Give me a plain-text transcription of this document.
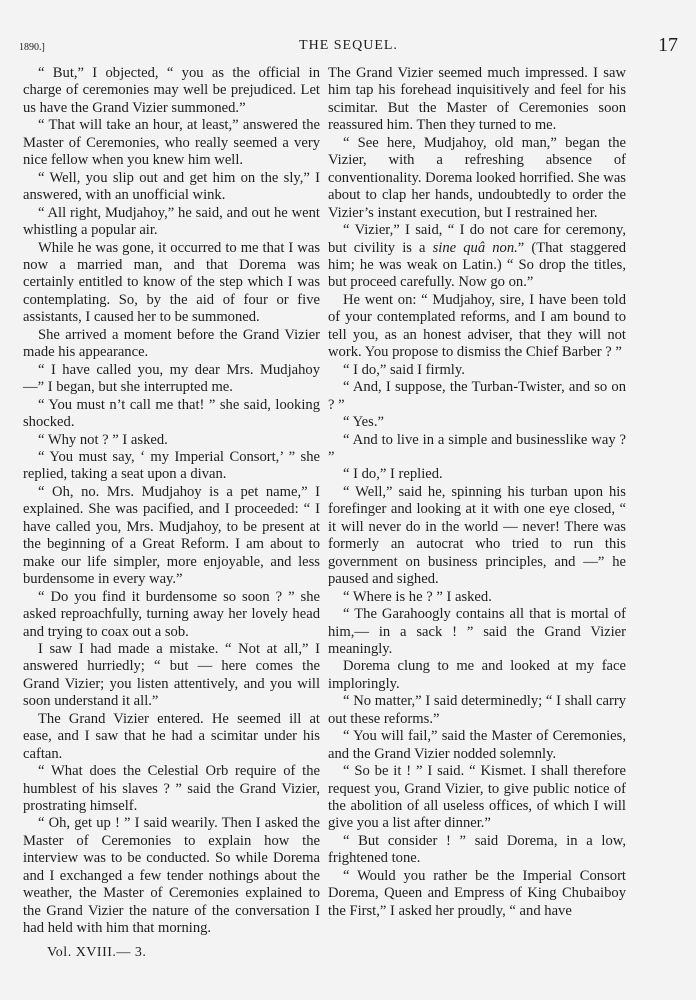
1890.]	THE SEQUEL.	17

“ But,” I objected, “ you as the official in charge of ceremonies may well be prejudiced. Let us have the Grand Vizier summoned.”

“ That will take an hour, at least,” answered the Master of Ceremonies, who really seemed a very nice fellow when you knew him well.

“ Well, you slip out and get him on the sly,” I answered, with an unofficial wink.

“ All right, Mudjahoy,” he said, and out he went whistling a popular air.

While he was gone, it occurred to me that I was now a married man, and that Dorema was certainly entitled to know of the step which I was contemplating. So, by the aid of four or five assistants, I caused her to be summoned.

She arrived a moment before the Grand Vizier made his appearance.

“ I have called you, my dear Mrs. Mudjahoy —” I began, but she interrupted me.

“ You must n’t call me that! ” she said, looking shocked.

“ Why not ? ” I asked.

“ You must say, ‘ my Imperial Consort,’ ” she replied, taking a seat upon a divan.

“ Oh, no. Mrs. Mudjahoy is a pet name,” I explained. She was pacified, and I proceeded: “ I have called you, Mrs. Mudjahoy, to be present at the beginning of a Great Reform. I am about to make our life simpler, more enjoyable, and less burdensome in every way.”

“ Do you find it burdensome so soon ? ” she asked reproachfully, turning away her lovely head and trying to coax out a sob.

I saw I had made a mistake. “ Not at all,” I answered hurriedly; “ but — here comes the Grand Vizier; you listen attentively, and you will soon understand it all.”

The Grand Vizier entered. He seemed ill at ease, and I saw that he had a scimitar under his caftan.

“ What does the Celestial Orb require of the humblest of his slaves ? ” said the Grand Vizier, prostrating himself.

“ Oh, get up ! ” I said wearily. Then I asked the Master of Ceremonies to explain how the interview was to be conducted. So while Dorema and I exchanged a few tender nothings about the weather, the Master of Ceremonies explained to the Grand Vizier the nature of the conversation I had held with him that morning.

The Grand Vizier seemed much impressed. I saw him tap his forehead inquisitively and feel for his scimitar. But the Master of Ceremonies soon reassured him. Then they turned to me.

“ See here, Mudjahoy, old man,” began the Vizier, with a refreshing absence of conventionality. Dorema looked horrified. She was about to clap her hands, undoubtedly to order the Vizier’s instant execution, but I restrained her.

“ Vizier,” I said, “ I do not care for ceremony, but civility is a sine quâ non.” (That staggered him; he was weak on Latin.) “ So drop the titles, but proceed carefully. Now go on.”

He went on: “ Mudjahoy, sire, I have been told of your contemplated reforms, and I am bound to tell you, as an honest adviser, that they will not work. You propose to dismiss the Chief Barber ? ”

“ I do,” said I firmly.

“ And, I suppose, the Turban-Twister, and so on ? ”

“ Yes.”

“ And to live in a simple and businesslike way ? ”

“ I do,” I replied.

“ Well,” said he, spinning his turban upon his forefinger and looking at it with one eye closed, “ it will never do in the world — never! There was formerly an autocrat who tried to run this government on business principles, and —” he paused and sighed.

“ Where is he ? ” I asked.

“ The Garahoogly contains all that is mortal of him,— in a sack ! ” said the Grand Vizier meaningly.

Dorema clung to me and looked at my face imploringly.

“ No matter,” I said determinedly; “ I shall carry out these reforms.”

“ You will fail,” said the Master of Ceremonies, and the Grand Vizier nodded solemnly.

“ So be it ! ” I said. “ Kismet. I shall therefore request you, Grand Vizier, to give public notice of the abolition of all useless offices, of which I will give you a list after dinner.”

“ But consider ! ” said Dorema, in a low, frightened tone.

“ Would you rather be the Imperial Consort Dorema, Queen and Empress of King Chubaiboy the First,” I asked her proudly, “ and have

Vol. XVIII.— 3.
